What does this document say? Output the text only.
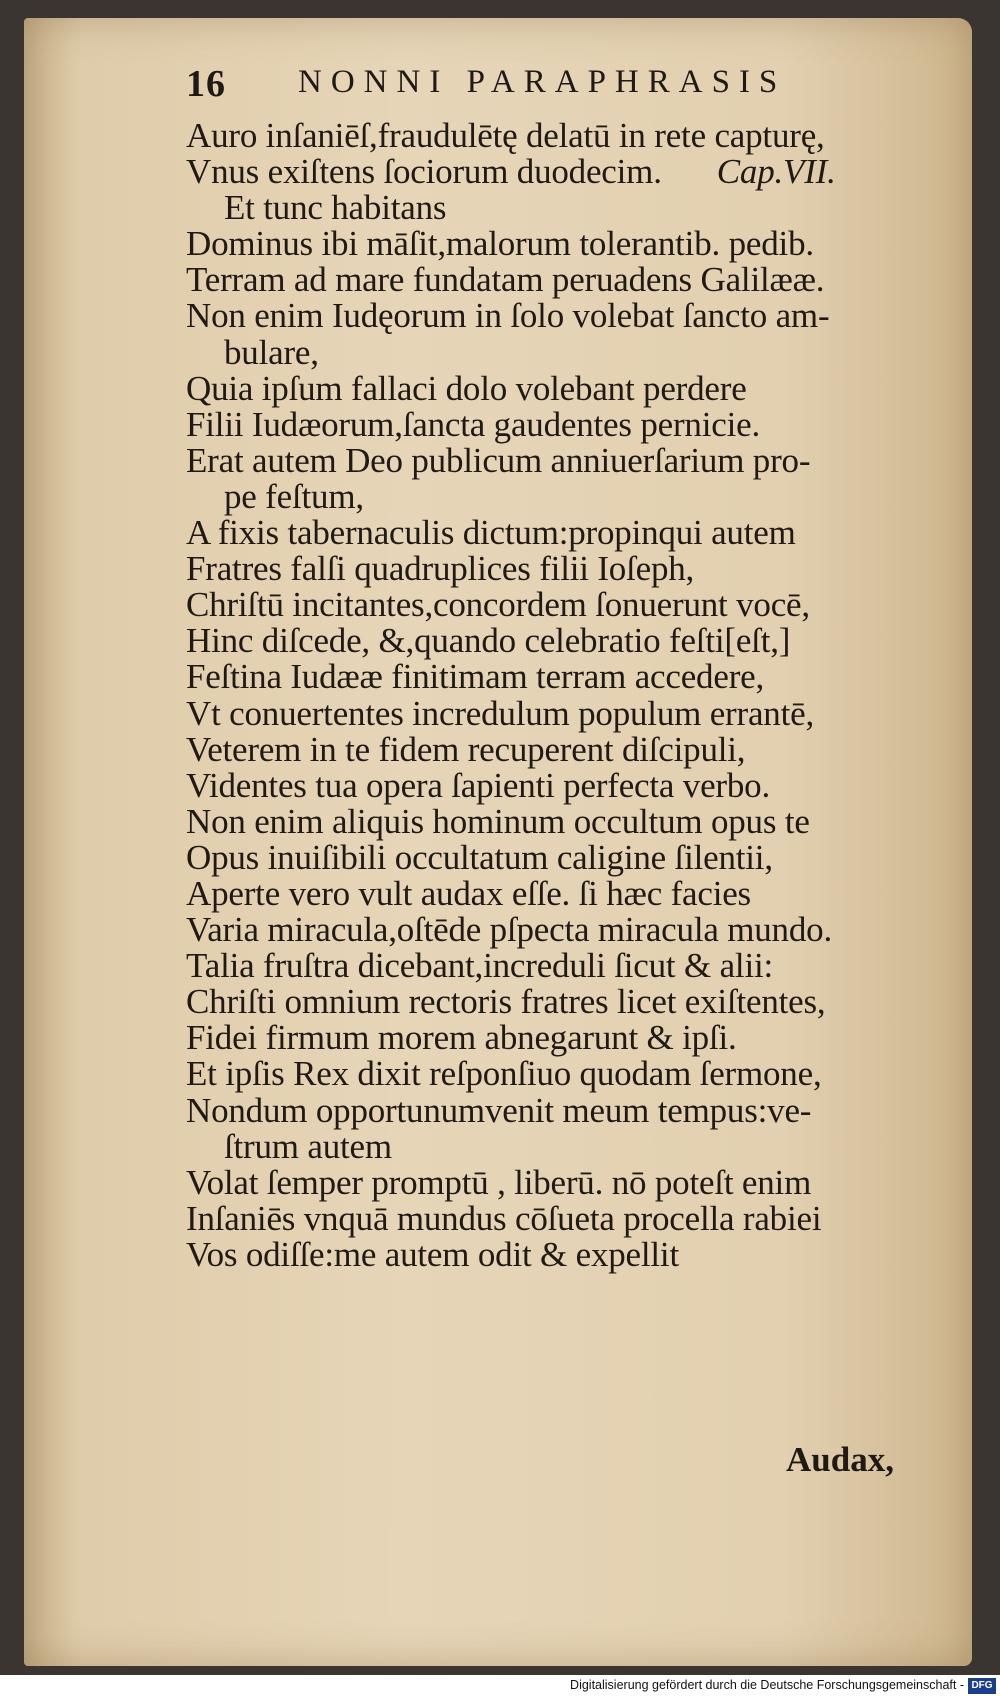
16 NONNI PARAPHRASIS
Auro inſaniēſ,fraudulētę delatū in rete capturę,
Vnus exiſtens ſociorum duodecim. Cap.VII.
Et tunc habitans
Dominus ibi māſit,malorum tolerantib. pedib.
Terram ad mare fundatam peruadens Galilææ.
Non enim Iudęorum in ſolo volebat ſancto am-
bulare,
Quia ipſum fallaci dolo volebant perdere
Filii Iudæorum,ſancta gaudentes pernicie.
Erat autem Deo publicum anniuerſarium pro-
pe feſtum,
A fixis tabernaculis dictum:propinqui autem
Fratres falſi quadruplices filii Ioſeph,
Chriſtū incitantes,concordem ſonuerunt vocē,
Hinc diſcede, &,quando celebratio feſti[eſt,]
Feſtina Iudææ finitimam terram accedere,
Vt conuertentes incredulum populum errantē,
Veterem in te fidem recuperent diſcipuli,
Videntes tua opera ſapienti perfecta verbo.
Non enim aliquis hominum occultum opus te
Opus inuiſibili occultatum caligine ſilentii,
Aperte vero vult audax eſſe. ſi hæc facies
Varia miracula,oſtēde pſpecta miracula mundo.
Talia fruſtra dicebant,increduli ſicut & alii:
Chriſti omnium rectoris fratres licet exiſtentes,
Fidei firmum morem abnegarunt & ipſi.
Et ipſis Rex dixit reſponſiuo quodam ſermone,
Nondum opportunumvenit meum tempus:ve-
ſtrum autem
Volat ſemper promptū , liberū. nō poteſt enim
Inſaniēs vnquā mundus cōſueta procella rabiei
Vos odiſſe:me autem odit & expellit
Audax,
Digitalisierung gefördert durch die Deutsche Forschungsgemeinschaft - DFG
